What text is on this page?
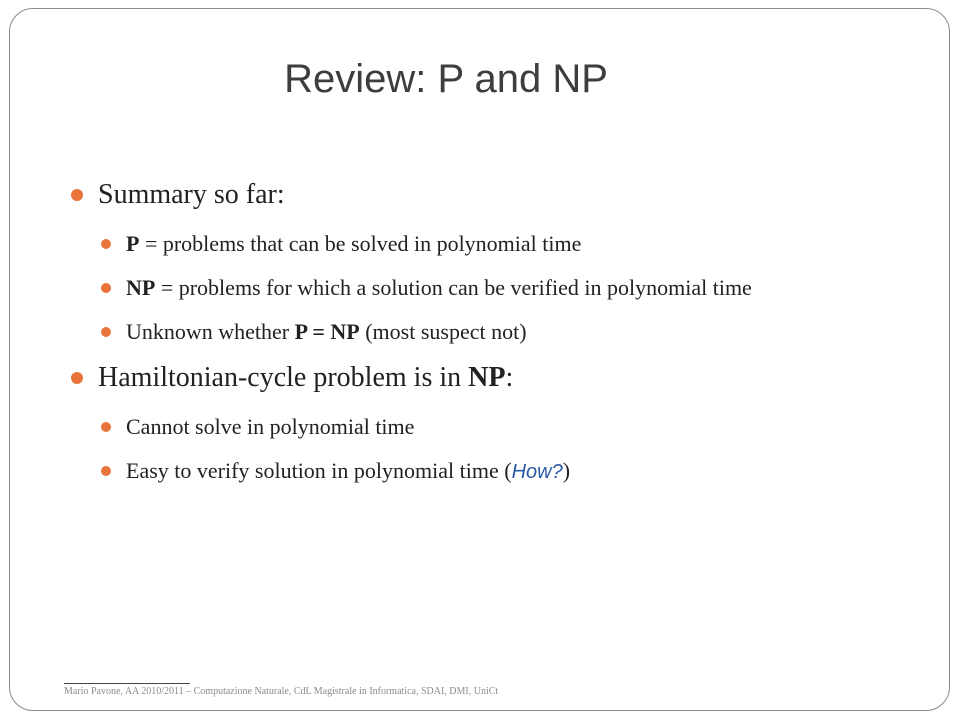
Review: P and NP
Summary so far:
P = problems that can be solved in polynomial time
NP = problems for which a solution can be verified in polynomial time
Unknown whether P = NP (most suspect not)
Hamiltonian-cycle problem is in NP:
Cannot solve in polynomial time
Easy to verify solution in polynomial time (How?)
Mario Pavone, AA 2010/2011 – Computazione Naturale, CdL Magistrale in Informatica, SDAI, DMI, UniCt
